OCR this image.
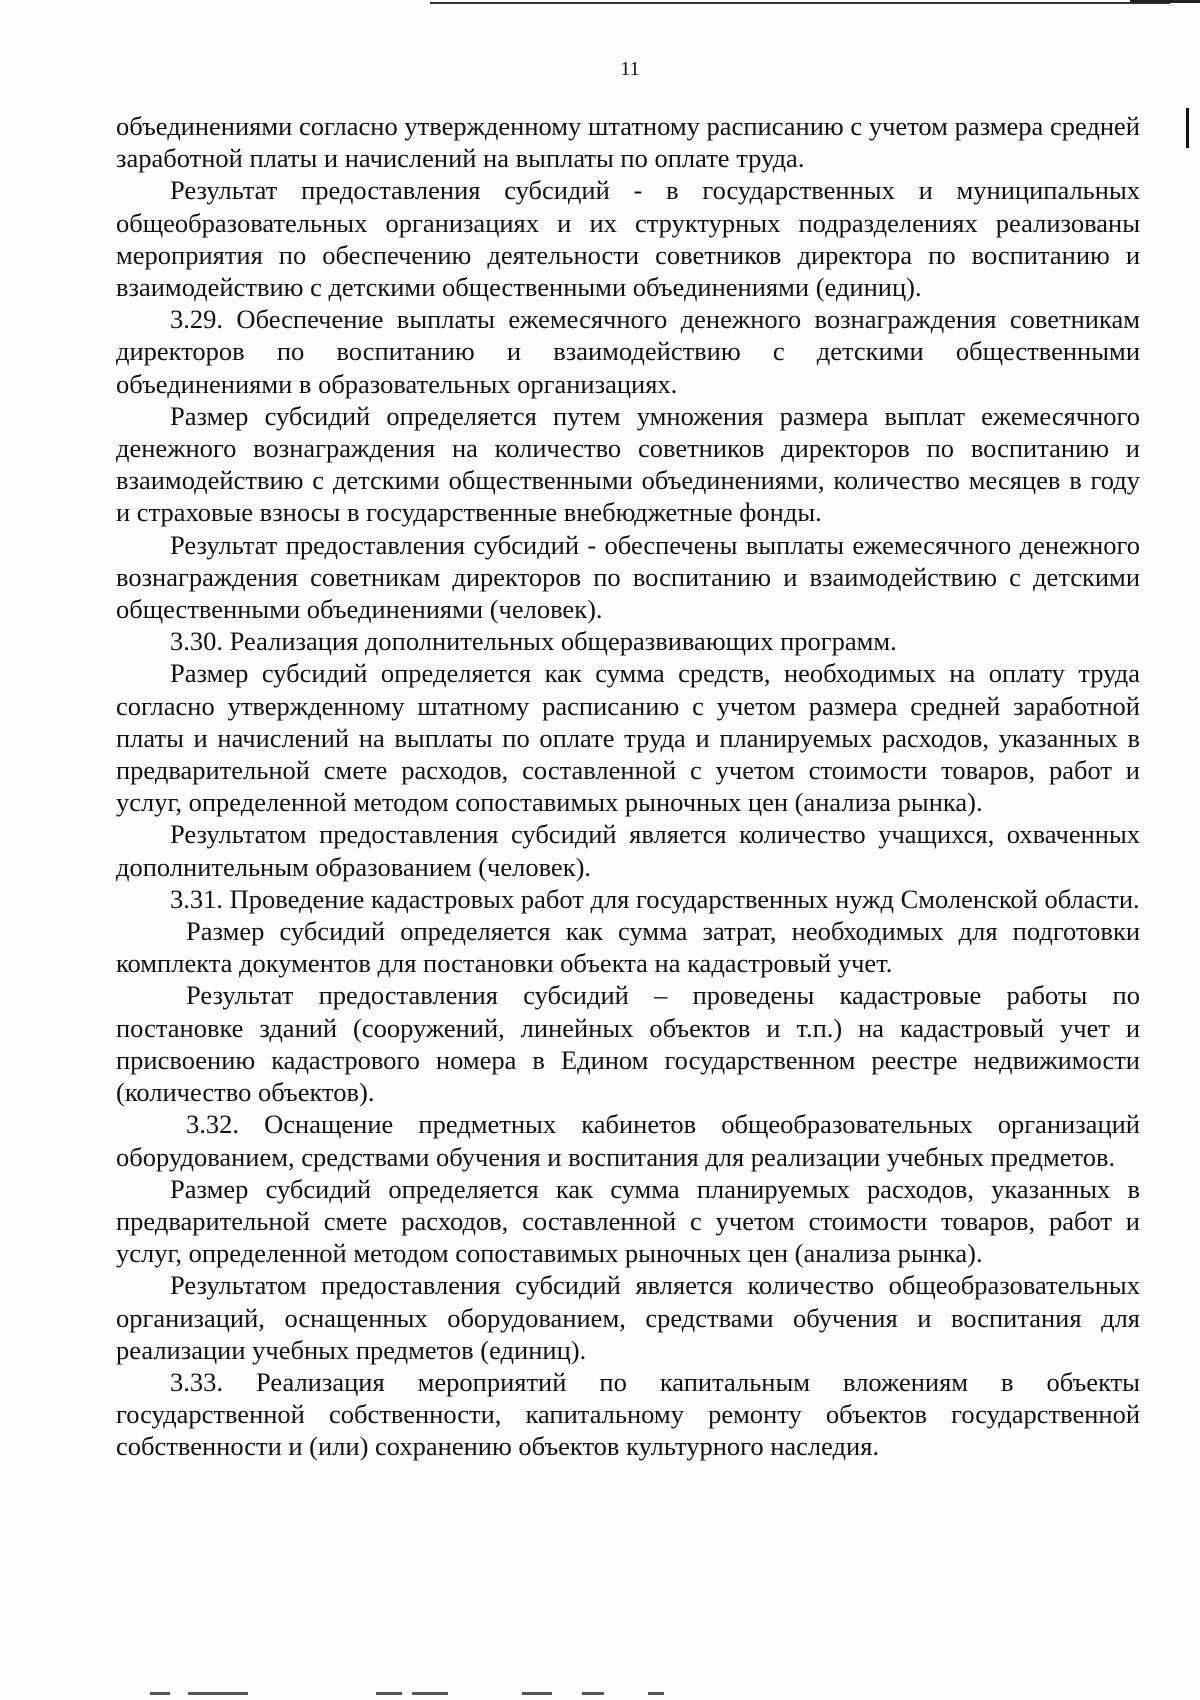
11

объединениями согласно утвержденному штатному расписанию с учетом размера средней заработной платы и начислений на выплаты по оплате труда.

Результат предоставления субсидий - в государственных и муниципальных общеобразовательных организациях и их структурных подразделениях реализованы мероприятия по обеспечению деятельности советников директора по воспитанию и взаимодействию с детскими общественными объединениями (единиц).

3.29. Обеспечение выплаты ежемесячного денежного вознаграждения советникам директоров по воспитанию и взаимодействию с детскими общественными объединениями в образовательных организациях.

Размер субсидий определяется путем умножения размера выплат ежемесячного денежного вознаграждения на количество советников директоров по воспитанию и взаимодействию с детскими общественными объединениями, количество месяцев в году и страховые взносы в государственные внебюджетные фонды.

Результат предоставления субсидий - обеспечены выплаты ежемесячного денежного вознаграждения советникам директоров по воспитанию и взаимодействию с детскими общественными объединениями (человек).

3.30. Реализация дополнительных общеразвивающих программ.

Размер субсидий определяется как сумма средств, необходимых на оплату труда согласно утвержденному штатному расписанию с учетом размера средней заработной платы и начислений на выплаты по оплате труда и планируемых расходов, указанных в предварительной смете расходов, составленной с учетом стоимости товаров, работ и услуг, определенной методом сопоставимых рыночных цен (анализа рынка).

Результатом предоставления субсидий является количество учащихся, охваченных дополнительным образованием (человек).

3.31. Проведение кадастровых работ для государственных нужд Смоленской области.

Размер субсидий определяется как сумма затрат, необходимых для подготовки комплекта документов для постановки объекта на кадастровый учет.

Результат предоставления субсидий – проведены кадастровые работы по постановке зданий (сооружений, линейных объектов и т.п.) на кадастровый учет и присвоению кадастрового номера в Едином государственном реестре недвижимости (количество объектов).

3.32. Оснащение предметных кабинетов общеобразовательных организаций оборудованием, средствами обучения и воспитания для реализации учебных предметов.

Размер субсидий определяется как сумма планируемых расходов, указанных в предварительной смете расходов, составленной с учетом стоимости товаров, работ и услуг, определенной методом сопоставимых рыночных цен (анализа рынка).

Результатом предоставления субсидий является количество общеобразовательных организаций, оснащенных оборудованием, средствами обучения и воспитания для реализации учебных предметов (единиц).

3.33. Реализация мероприятий по капитальным вложениям в объекты государственной собственности, капитальному ремонту объектов государственной собственности и (или) сохранению объектов культурного наследия.
